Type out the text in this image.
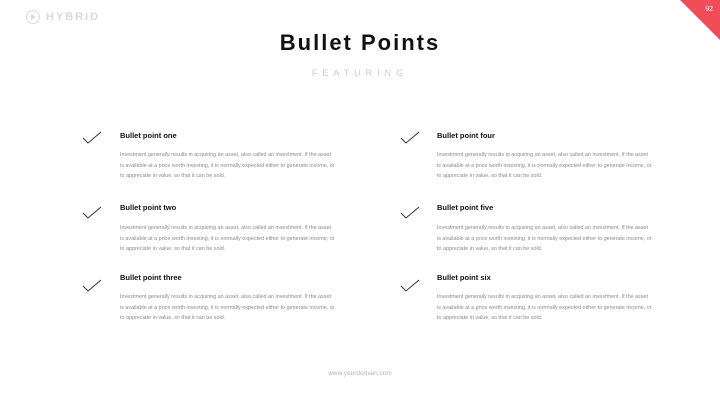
HYBRID
92
Bullet Points
FEATURING
Bullet point one
Investment generally results in acquiring an asset, also called an investment. If the asset is available at a price worth investing, it is normally expected either to generate income, or to appreciate in value, so that it can be sold.
Bullet point two
Investment generally results in acquiring an asset, also called an investment. If the asset is available at a price worth investing, it is normally expected either to generate income, or to appreciate in value, so that it can be sold.
Bullet point three
Investment generally results in acquiring an asset, also called an investment. If the asset is available at a price worth investing, it is normally expected either to generate income, or to appreciate in value, so that it can be sold.
Bullet point four
Investment generally results in acquiring an asset, also called an investment. If the asset is available at a price worth investing, it is normally expected either to generate income, or to appreciate in value, so that it can be sold.
Bullet point five
Investment generally results in acquiring an asset, also called an investment. If the asset is available at a price worth investing, it is normally expected either to generate income, or to appreciate in value, so that it can be sold.
Bullet point six
Investment generally results in acquiring an asset, also called an investment. If the asset is available at a price worth investing, it is normally expected either to generate income, or to appreciate in value, so that it can be sold.
www.yourdomain.com
